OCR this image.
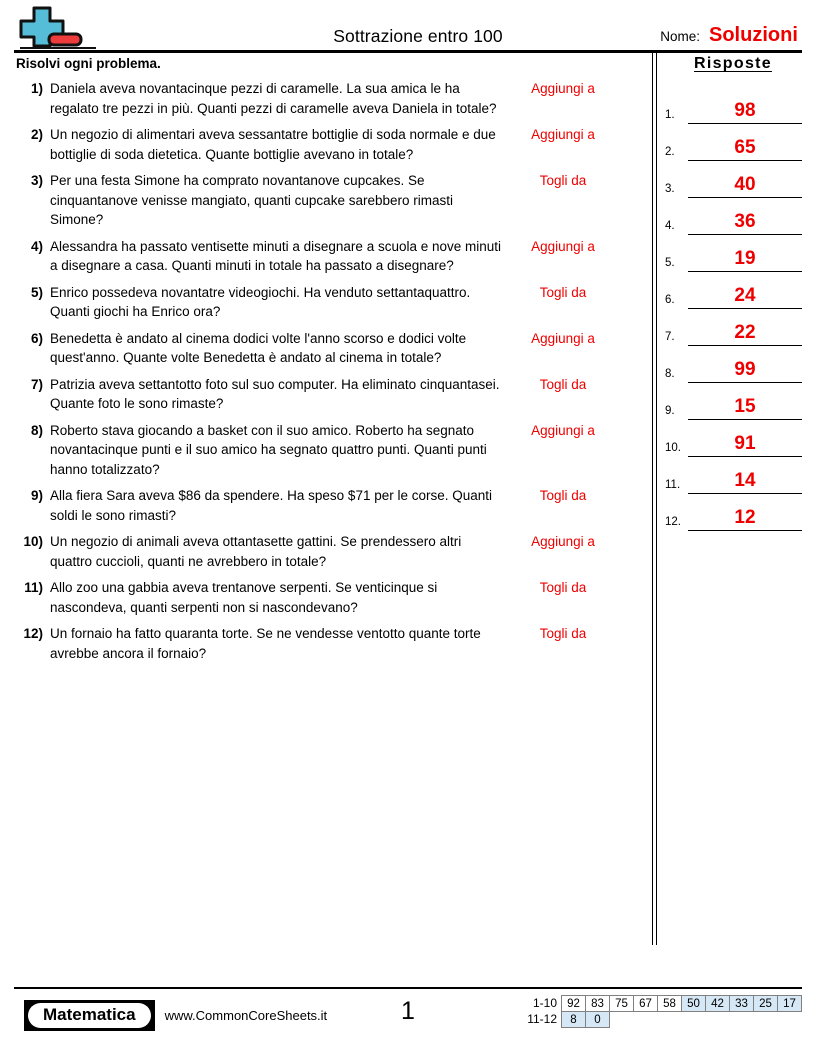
Sottrazione entro 100	Nome: Soluzioni
Risolvi ogni problema.
1) Daniela aveva novantacinque pezzi di caramelle. La sua amica le ha regalato tre pezzi in più. Quanti pezzi di caramelle aveva Daniela in totale?
Aggiungi a
2) Un negozio di alimentari aveva sessantatre bottiglie di soda normale e due bottiglie di soda dietetica. Quante bottiglie avevano in totale?
Aggiungi a
3) Per una festa Simone ha comprato novantanove cupcakes. Se cinquantanove venisse mangiato, quanti cupcake sarebbero rimasti Simone?
Togli da
4) Alessandra ha passato ventisette minuti a disegnare a scuola e nove minuti a disegnare a casa. Quanti minuti in totale ha passato a disegnare?
Aggiungi a
5) Enrico possedeva novantatre videogiochi. Ha venduto settantaquattro. Quanti giochi ha Enrico ora?
Togli da
6) Benedetta è andato al cinema dodici volte l'anno scorso e dodici volte quest'anno. Quante volte Benedetta è andato al cinema in totale?
Aggiungi a
7) Patrizia aveva settantotto foto sul suo computer. Ha eliminato cinquantasei. Quante foto le sono rimaste?
Togli da
8) Roberto stava giocando a basket con il suo amico. Roberto ha segnato novantacinque punti e il suo amico ha segnato quattro punti. Quanti punti hanno totalizzato?
Aggiungi a
9) Alla fiera Sara aveva $86 da spendere. Ha speso $71 per le corse. Quanti soldi le sono rimasti?
Togli da
10) Un negozio di animali aveva ottantasette gattini. Se prendessero altri quattro cuccioli, quanti ne avrebbero in totale?
Aggiungi a
11) Allo zoo una gabbia aveva trentanove serpenti. Se venticinque si nascondeva, quanti serpenti non si nascondevano?
Togli da
12) Un fornaio ha fatto quaranta torte. Se ne vendesse ventotto quante torte avrebbe ancora il fornaio?
Togli da
Risposte
1.	98
2.	65
3.	40
4.	36
5.	19
6.	24
7.	22
8.	99
9.	15
10.	91
11.	14
12.	12
Matematica	www.CommonCoreSheets.it	1	1-10 92 83 75 67 58 50 42 33 25 17
11-12	8	0
